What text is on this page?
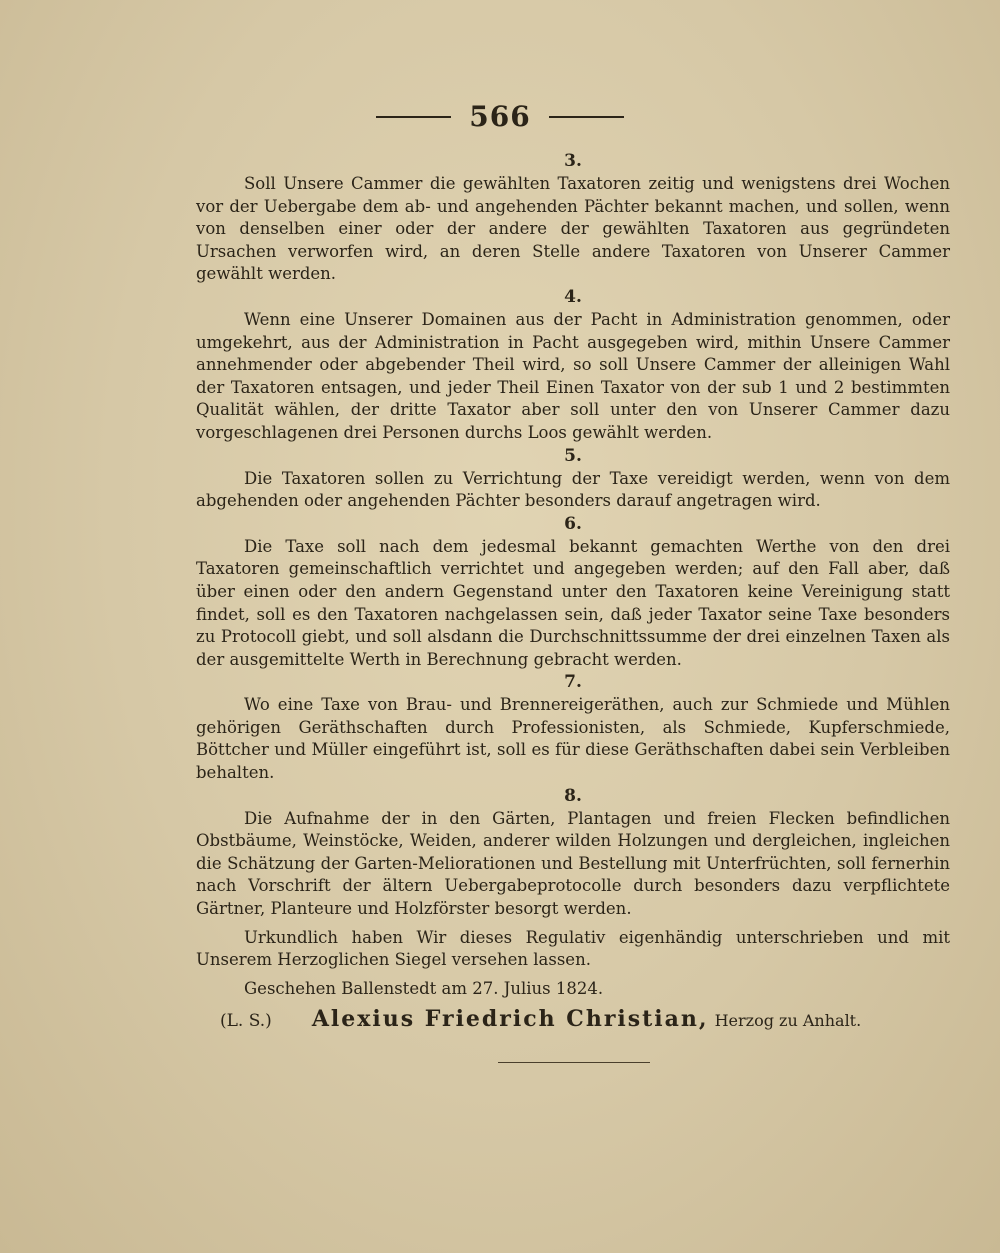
566
3.

Soll Unsere Cammer die gewählten Taxatoren zeitig und wenigstens drei Wochen vor der Uebergabe dem ab- und angehenden Pächter bekannt machen, und sollen, wenn von denselben einer oder der andere der gewählten Taxatoren aus gegründeten Ursachen verworfen wird, an deren Stelle andere Taxatoren von Unserer Cammer gewählt werden.

4.

Wenn eine Unserer Domainen aus der Pacht in Administration genommen, oder umgekehrt, aus der Administration in Pacht ausgegeben wird, mithin Unsere Cammer annehmender oder abgebender Theil wird, so soll Unsere Cammer der alleinigen Wahl der Taxatoren entsagen, und jeder Theil Einen Taxator von der sub 1 und 2 bestimmten Qualität wählen, der dritte Taxator aber soll unter den von Unserer Cammer dazu vorgeschlagenen drei Personen durchs Loos gewählt werden.

5.

Die Taxatoren sollen zu Verrichtung der Taxe vereidigt werden, wenn von dem abgehenden oder angehenden Pächter besonders darauf angetragen wird.

6.

Die Taxe soll nach dem jedesmal bekannt gemachten Werthe von den drei Taxatoren gemeinschaftlich verrichtet und angegeben werden; auf den Fall aber, daß über einen oder den andern Gegenstand unter den Taxatoren keine Vereinigung statt findet, soll es den Taxatoren nachgelassen sein, daß jeder Taxator seine Taxe besonders zu Protocoll giebt, und soll alsdann die Durchschnittssumme der drei einzelnen Taxen als der ausgemittelte Werth in Berechnung gebracht werden.

7.

Wo eine Taxe von Brau- und Brennereigeräthen, auch zur Schmiede und Mühlen gehörigen Geräthschaften durch Professionisten, als Schmiede, Kupferschmiede, Böttcher und Müller eingeführt ist, soll es für diese Geräthschaften dabei sein Verbleiben behalten.

8.

Die Aufnahme der in den Gärten, Plantagen und freien Flecken befindlichen Obstbäume, Weinstöcke, Weiden, anderer wilden Holzungen und dergleichen, ingleichen die Schätzung der Garten-Meliorationen und Bestellung mit Unterfrüchten, soll fernerhin nach Vorschrift der ältern Uebergabeprotocolle durch besonders dazu verpflichtete Gärtner, Planteure und Holzförster besorgt werden.

Urkundlich haben Wir dieses Regulativ eigenhändig unterschrieben und mit Unserem Herzoglichen Siegel versehen lassen.

Geschehen Ballenstedt am 27. Julius 1824.

(L. S.) Alexius Friedrich Christian, Herzog zu Anhalt.
